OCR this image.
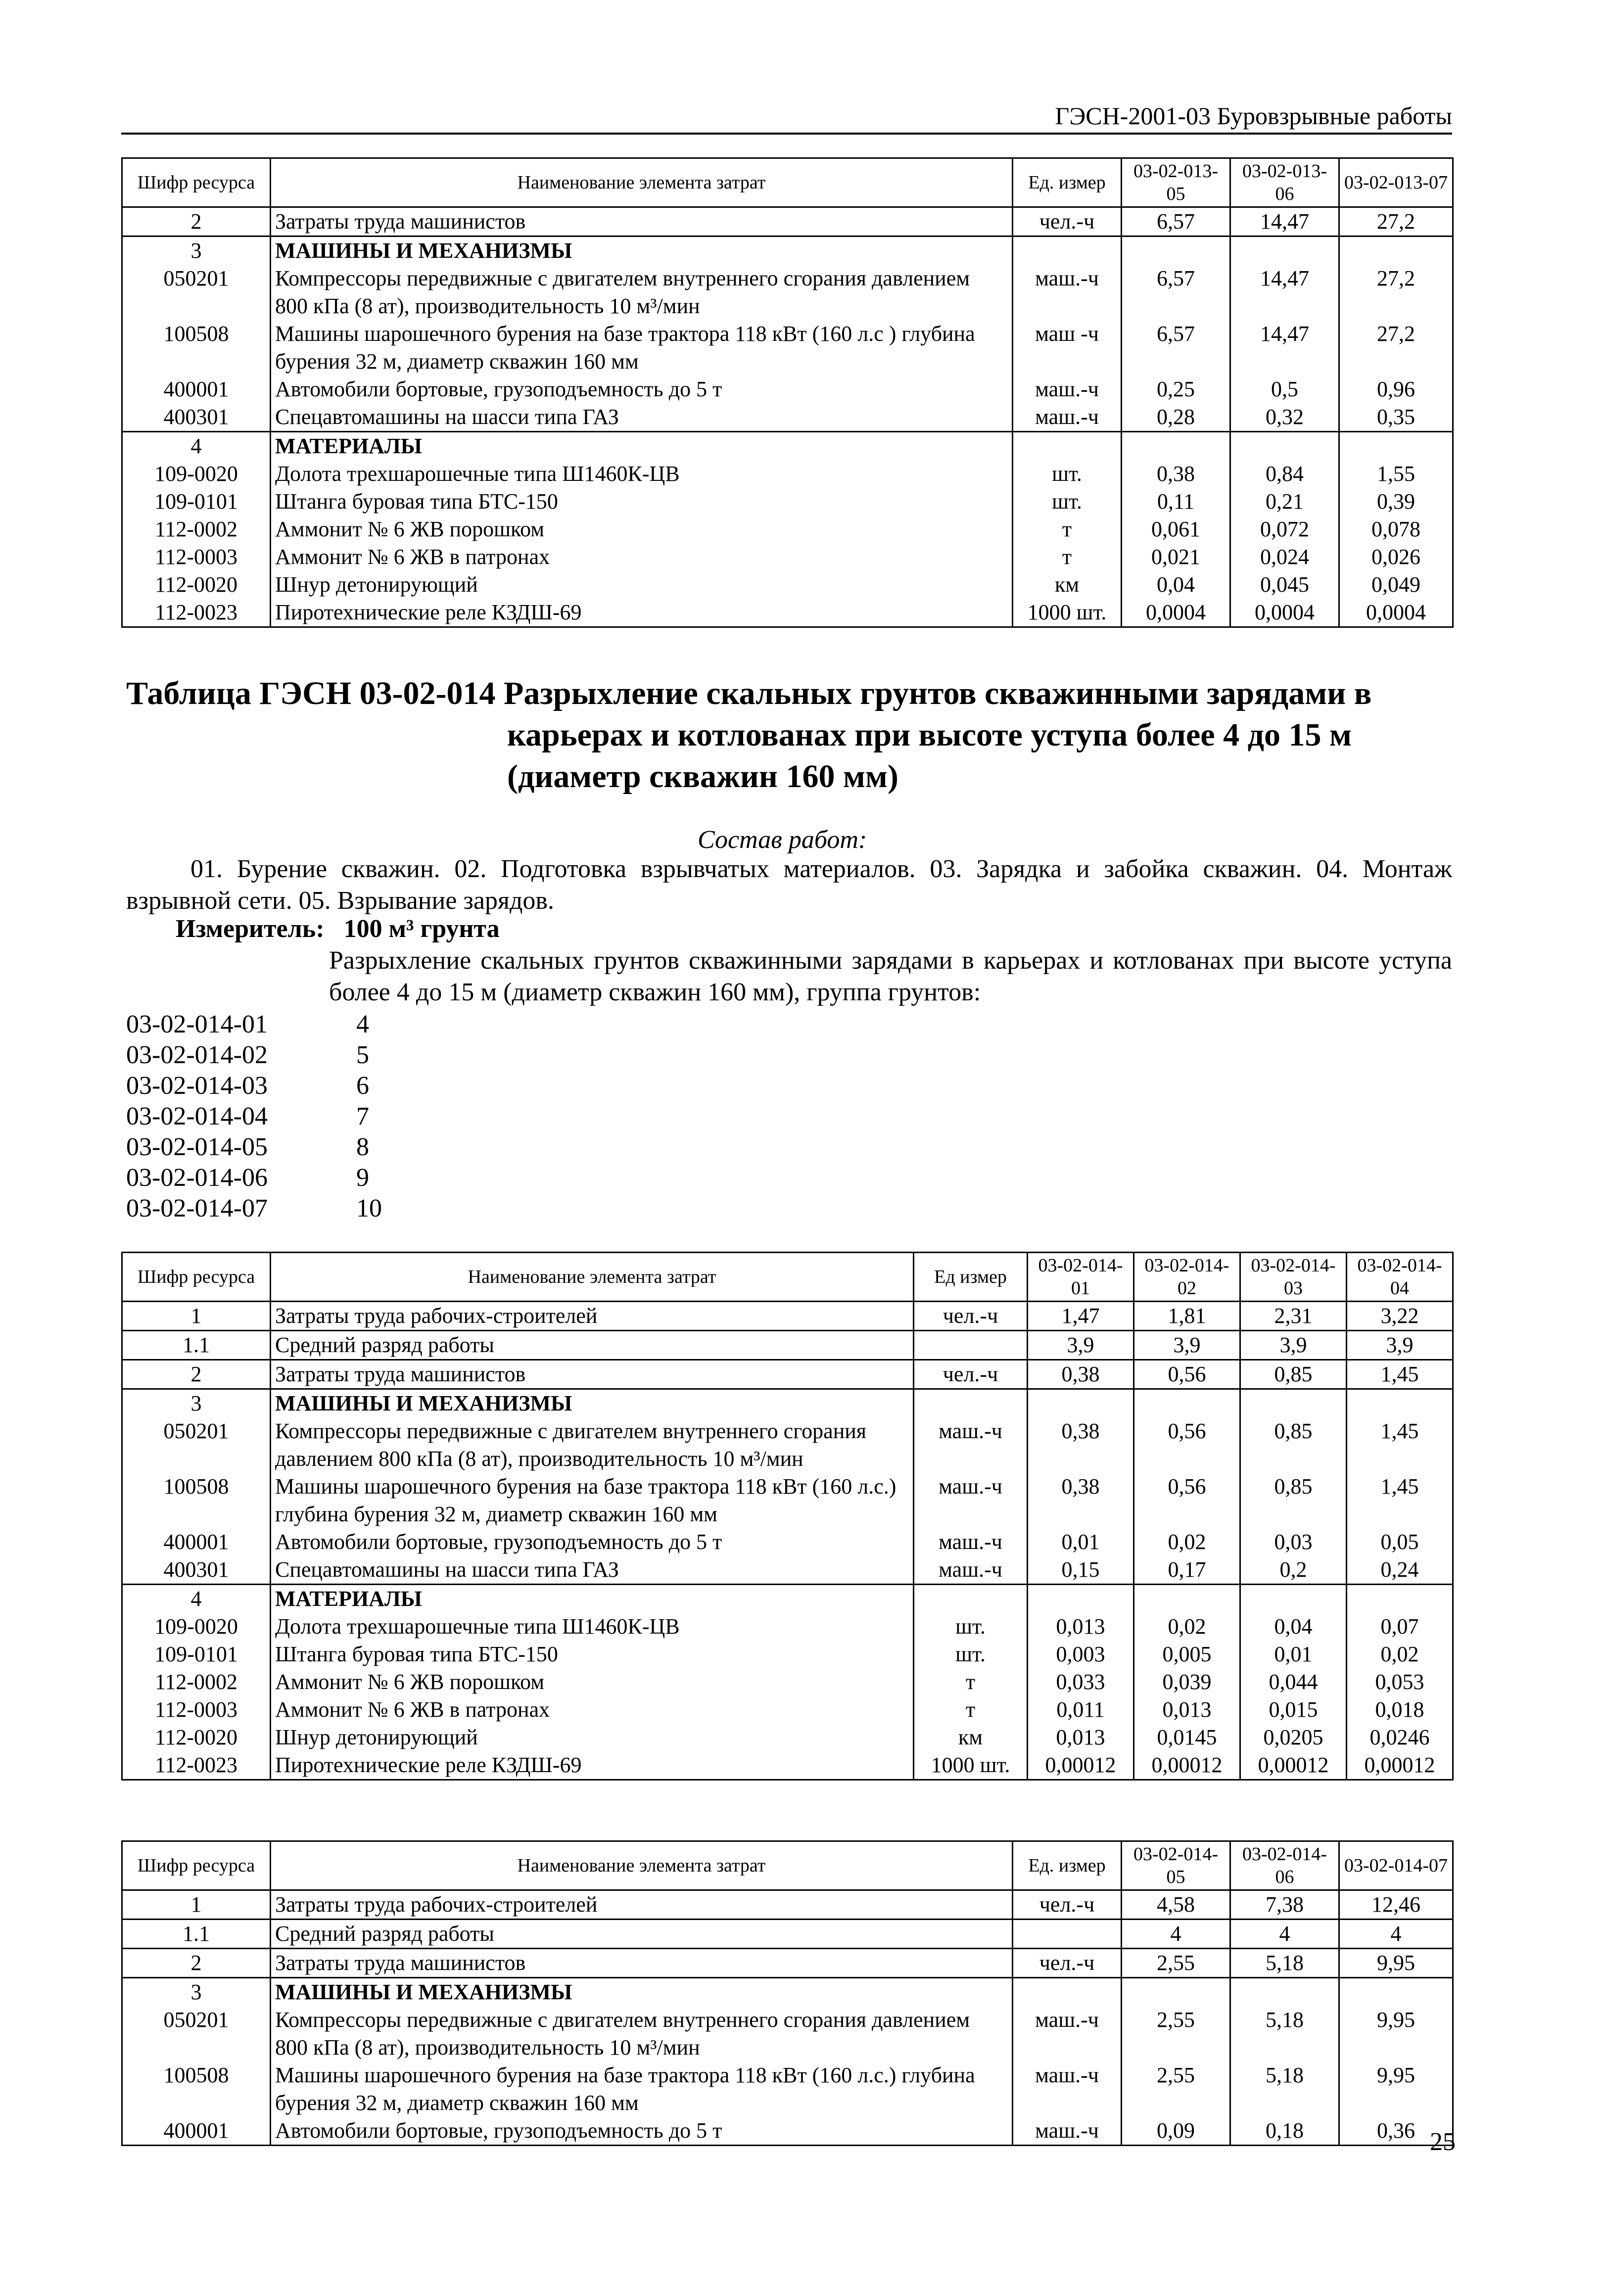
ГЭСН-2001-03 Буровзрывные работы
Шифр ресурса	Наименование элемента затрат	Ед. измер	03-02-013-05	03-02-013-06	03-02-013-07
2	Затраты труда машинистов	чел.-ч	6,57	14,47	27,2
3	МАШИНЫ И МЕХАНИЗМЫ				
050201	Компрессоры передвижные с двигателем внутреннего сгорания давлением 800 кПа (8 ат), производительность 10 м³/мин	маш.-ч	6,57	14,47	27,2
100508	Машины шарошечного бурения на базе трактора 118 кВт (160 л.с ) глубина бурения 32 м, диаметр скважин 160 мм	маш -ч	6,57	14,47	27,2
400001	Автомобили бортовые, грузоподъемность до 5 т	маш.-ч	0,25	0,5	0,96
400301	Спецавтомашины на шасси типа ГАЗ	маш.-ч	0,28	0,32	0,35
4	МАТЕРИАЛЫ				
109-0020	Долота трехшарошечные типа Ш1460К-ЦВ	шт.	0,38	0,84	1,55
109-0101	Штанга буровая типа БТС-150	шт.	0,11	0,21	0,39
112-0002	Аммонит № 6 ЖВ порошком	т	0,061	0,072	0,078
112-0003	Аммонит № 6 ЖВ в патронах	т	0,021	0,024	0,026
112-0020	Шнур детонирующий	км	0,04	0,045	0,049
112-0023	Пиротехнические реле КЗДШ-69	1000 шт.	0,0004	0,0004	0,0004
Таблица ГЭСН 03-02-014 Разрыхление скальных грунтов скважинными зарядами в
карьерах и котлованах при высоте уступа более 4 до 15 м
(диаметр скважин 160 мм)
Состав работ:
01. Бурение скважин. 02. Подготовка взрывчатых материалов. 03. Зарядка и забойка скважин. 04. Монтаж взрывной сети. 05. Взрывание зарядов.
Измеритель: 100 м³ грунта
Разрыхление скальных грунтов скважинными зарядами в карьерах и котлованах при высоте уступа более 4 до 15 м (диаметр скважин 160 мм), группа грунтов:
03-02-014-01	4
03-02-014-02	5
03-02-014-03	6
03-02-014-04	7
03-02-014-05	8
03-02-014-06	9
03-02-014-07	10
Шифр ресурса	Наименование элемента затрат	Ед измер	03-02-014-01	03-02-014-02	03-02-014-03	03-02-014-04
1	Затраты труда рабочих-строителей	чел.-ч	1,47	1,81	2,31	3,22
1.1	Средний разряд работы		3,9	3,9	3,9	3,9
2	Затраты труда машинистов	чел.-ч	0,38	0,56	0,85	1,45
3	МАШИНЫ И МЕХАНИЗМЫ					
050201	Компрессоры передвижные с двигателем внутреннего сгорания давлением 800 кПа (8 ат), производительность 10 м³/мин	маш.-ч	0,38	0,56	0,85	1,45
100508	Машины шарошечного бурения на базе трактора 118 кВт (160 л.с.) глубина бурения 32 м, диаметр скважин 160 мм	маш.-ч	0,38	0,56	0,85	1,45
400001	Автомобили бортовые, грузоподъемность до 5 т	маш.-ч	0,01	0,02	0,03	0,05
400301	Спецавтомашины на шасси типа ГАЗ	маш.-ч	0,15	0,17	0,2	0,24
4	МАТЕРИАЛЫ					
109-0020	Долота трехшарошечные типа Ш1460К-ЦВ	шт.	0,013	0,02	0,04	0,07
109-0101	Штанга буровая типа БТС-150	шт.	0,003	0,005	0,01	0,02
112-0002	Аммонит № 6 ЖВ порошком	т	0,033	0,039	0,044	0,053
112-0003	Аммонит № 6 ЖВ в патронах	т	0,011	0,013	0,015	0,018
112-0020	Шнур детонирующий	км	0,013	0,0145	0,0205	0,0246
112-0023	Пиротехнические реле КЗДШ-69	1000 шт.	0,00012	0,00012	0,00012	0,00012
Шифр ресурса	Наименование элемента затрат	Ед. измер	03-02-014-05	03-02-014-06	03-02-014-07
1	Затраты труда рабочих-строителей	чел.-ч	4,58	7,38	12,46
1.1	Средний разряд работы		4	4	4
2	Затраты труда машинистов	чел.-ч	2,55	5,18	9,95
3	МАШИНЫ И МЕХАНИЗМЫ				
050201	Компрессоры передвижные с двигателем внутреннего сгорания давлением 800 кПа (8 ат), производительность 10 м³/мин	маш.-ч	2,55	5,18	9,95
100508	Машины шарошечного бурения на базе трактора 118 кВт (160 л.с.) глубина бурения 32 м, диаметр скважин 160 мм	маш.-ч	2,55	5,18	9,95
400001	Автомобили бортовые, грузоподъемность до 5 т	маш.-ч	0,09	0,18	0,36 25
